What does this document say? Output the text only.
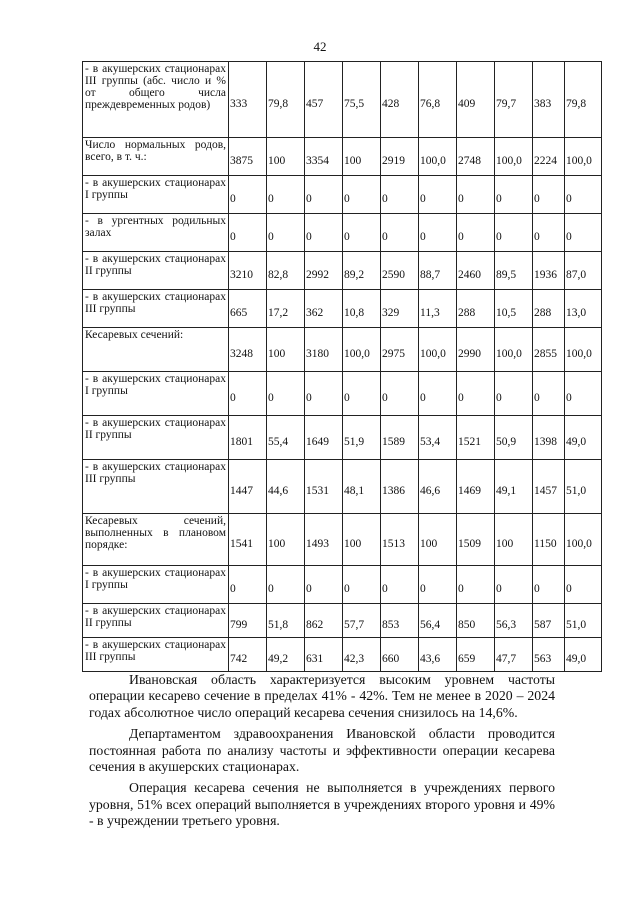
42
- в акушерских стационарах III группы (абс. число и % от общего числа преждевременных родов)	333	79,8	457	75,5	428	76,8	409	79,7	383	79,8
Число нормальных родов, всего, в т. ч.:	3875	100	3354	100	2919	100,0	2748	100,0	2224	100,0
- в акушерских стационарах I группы	0	0	0	0	0	0	0	0	0	0
- в ургентных родильных залах	0	0	0	0	0	0	0	0	0	0
- в акушерских стационарах II группы	3210	82,8	2992	89,2	2590	88,7	2460	89,5	1936	87,0
- в акушерских стационарах III группы	665	17,2	362	10,8	329	11,3	288	10,5	288	13,0
Кесаревых сечений:	3248	100	3180	100,0	2975	100,0	2990	100,0	2855	100,0
- в акушерских стационарах I группы	0	0	0	0	0	0	0	0	0	0
- в акушерских стационарах II группы	1801	55,4	1649	51,9	1589	53,4	1521	50,9	1398	49,0
- в акушерских стационарах III группы	1447	44,6	1531	48,1	1386	46,6	1469	49,1	1457	51,0
Кесаревых сечений, выполненных в плановом порядке:	1541	100	1493	100	1513	100	1509	100	1150	100,0
- в акушерских стационарах I группы	0	0	0	0	0	0	0	0	0	0
- в акушерских стационарах II группы	799	51,8	862	57,7	853	56,4	850	56,3	587	51,0
- в акушерских стационарах III группы	742	49,2	631	42,3	660	43,6	659	47,7	563	49,0

Ивановская область характеризуется высоким уровнем частоты операции кесарево сечение в пределах 41% - 42%. Тем не менее в 2020 – 2024 годах абсолютное число операций кесарева сечения снизилось на 14,6%.

Департаментом здравоохранения Ивановской области проводится постоянная работа по анализу частоты и эффективности операции кесарева сечения в акушерских стационарах.

Операция кесарева сечения не выполняется в учреждениях первого уровня, 51% всех операций выполняется в учреждениях второго уровня и 49% - в учреждении третьего уровня.
